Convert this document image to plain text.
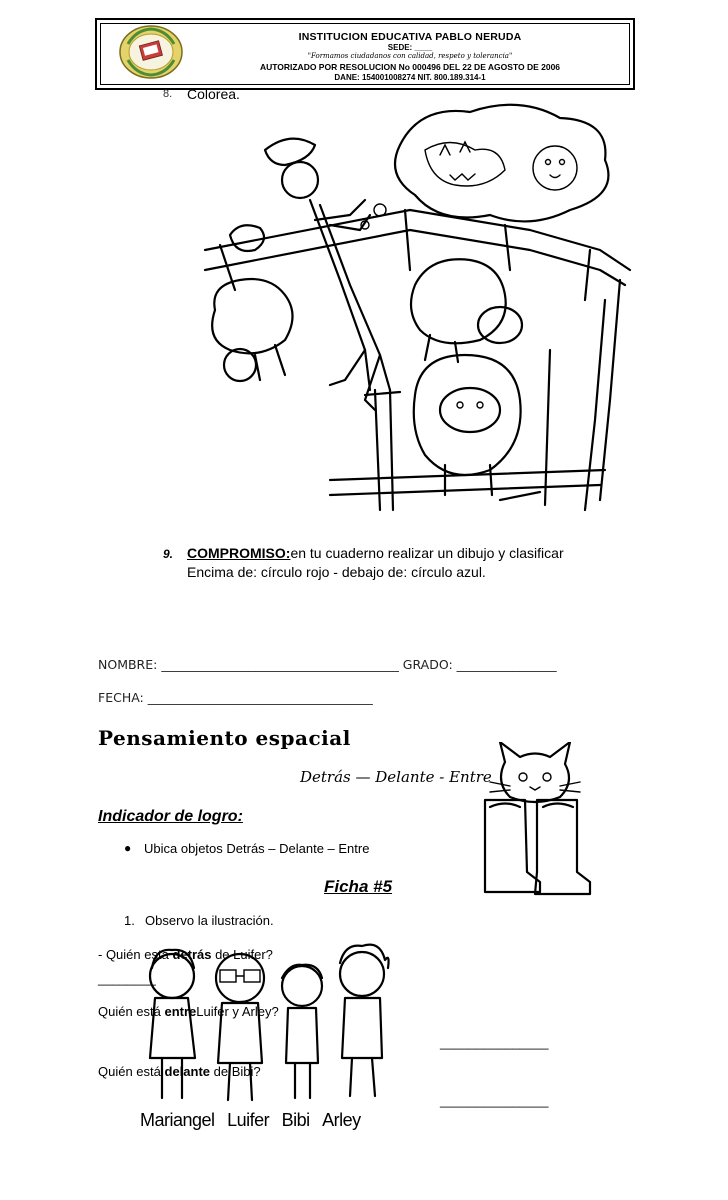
INSTITUCION EDUCATIVA PABLO NERUDA
SEDE: ____
"Formamos ciudadanos con calidad, respeto y tolerancia"
AUTORIZADO POR RESOLUCION No 000496 DEL 22 DE AGOSTO DE 2006
DANE: 154001008274 NIT. 800.189.314-1
8. Colorea.
9. COMPROMISO:en tu cuaderno realizar un dibujo y clasificar
Encima de: círculo rojo - debajo de: círculo azul.
NOMBRE: ______________________________________ GRADO: ________________
FECHA: ____________________________________
Pensamiento espacial
Detrás — Delante - Entre
Indicador de logro:
● Ubica objetos Detrás – Delante – Entre
Ficha #5
1. Observo la ilustración.
- Quién está detrás de Luifer?
________
Quién está entreLuifer y Arley?
_______________
Quién está delante de Bibi?
_______________
Mariangel Luifer Bibi Arley
